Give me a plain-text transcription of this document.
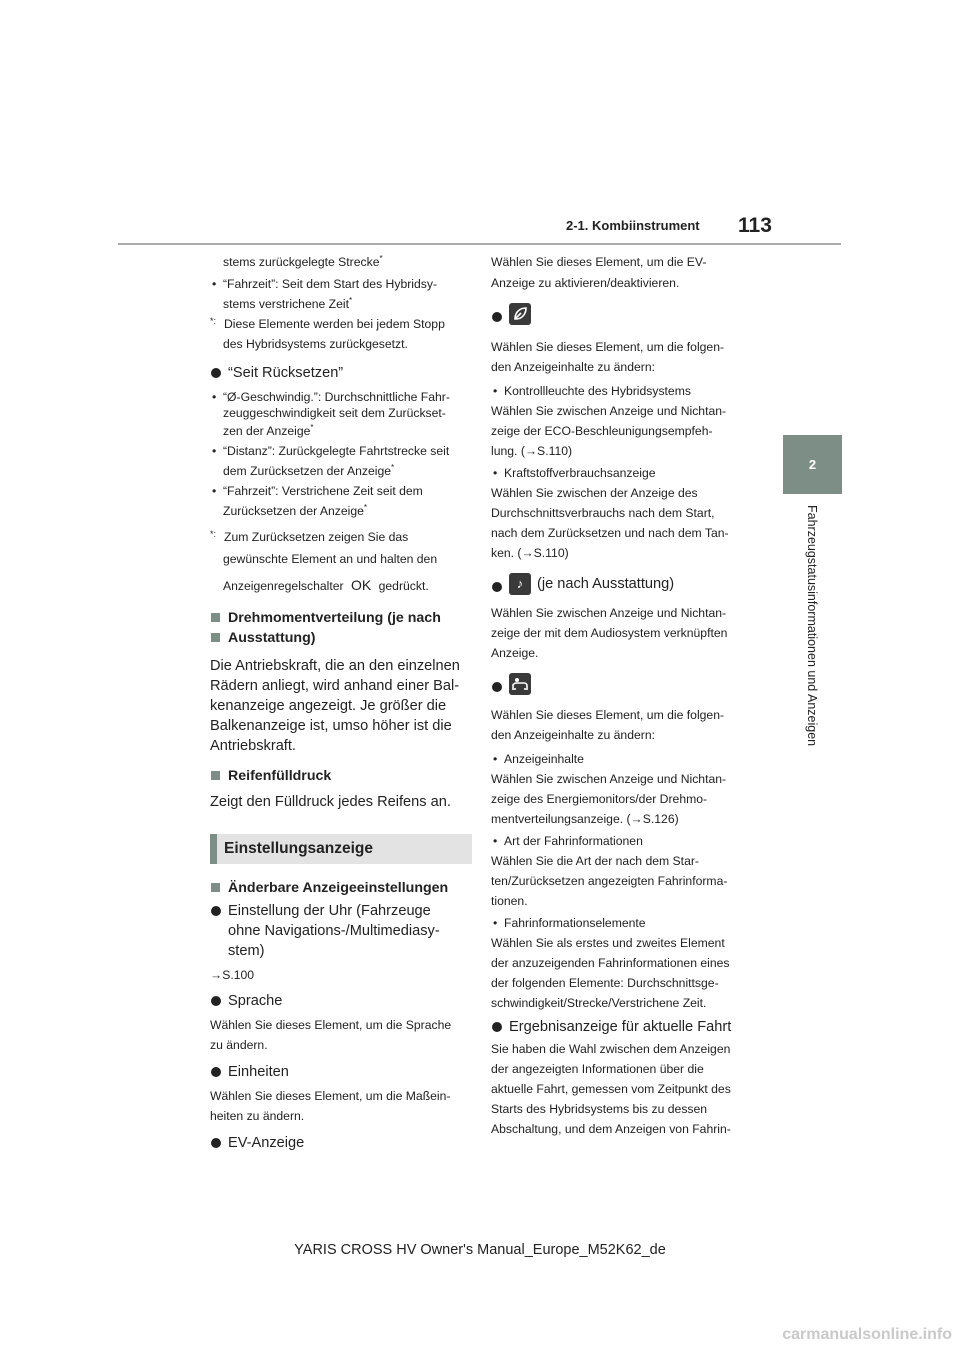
2-1. Kombiinstrument 113
2
Fahrzeugstatusinformationen und Anzeigen

stems zurückgelegte Strecke*

• “Fahrzeit”: Seit dem Start des Hybridsy-

stems verstrichene Zeit*

*: Diese Elemente werden bei jedem Stopp

des Hybridsystems zurückgesetzt.

“Seit Rücksetzen”

• “Ø-Geschwindig.”: Durchschnittliche Fahr-

zeuggeschwindigkeit seit dem Zurückset-

zen der Anzeige*

• “Distanz”: Zurückgelegte Fahrtstrecke seit

dem Zurücksetzen der Anzeige*

• “Fahrzeit”: Verstrichene Zeit seit dem

Zurücksetzen der Anzeige*

*: Zum Zurücksetzen zeigen Sie das

gewünschte Element an und halten den

Anzeigenregelschalter OK gedrückt.

Drehmomentverteilung (je nach

Ausstattung)

Die Antriebskraft, die an den einzelnen

Rädern anliegt, wird anhand einer Bal-

kenanzeige angezeigt. Je größer die

Balkenanzeige ist, umso höher ist die

Antriebskraft.

Reifenfülldruck

Zeigt den Fülldruck jedes Reifens an.

Einstellungsanzeige

Änderbare Anzeigeeinstellungen

Einstellung der Uhr (Fahrzeuge

ohne Navigations-/Multimediasy-

stem)

→S.100

Sprache

Wählen Sie dieses Element, um die Sprache

zu ändern.

Einheiten

Wählen Sie dieses Element, um die Maßein-

heiten zu ändern.

EV-Anzeige

Wählen Sie dieses Element, um die EV-

Anzeige zu aktivieren/deaktivieren.

Wählen Sie dieses Element, um die folgen-

den Anzeigeinhalte zu ändern:

• Kontrollleuchte des Hybridsystems

Wählen Sie zwischen Anzeige und Nichtan-

zeige der ECO-Beschleunigungsempfeh-

lung. (→S.110)

• Kraftstoffverbrauchsanzeige

Wählen Sie zwischen der Anzeige des

Durchschnittsverbrauchs nach dem Start,

nach dem Zurücksetzen und nach dem Tan-

ken. (→S.110)

♪ (je nach Ausstattung)

Wählen Sie zwischen Anzeige und Nichtan-

zeige der mit dem Audiosystem verknüpften

Anzeige.

Wählen Sie dieses Element, um die folgen-

den Anzeigeinhalte zu ändern:

• Anzeigeinhalte

Wählen Sie zwischen Anzeige und Nichtan-

zeige des Energiemonitors/der Drehmo-

mentverteilungsanzeige. (→S.126)

• Art der Fahrinformationen

Wählen Sie die Art der nach dem Star-

ten/Zurücksetzen angezeigten Fahrinforma-

tionen.

• Fahrinformationselemente

Wählen Sie als erstes und zweites Element

der anzuzeigenden Fahrinformationen eines

der folgenden Elemente: Durchschnittsge-

schwindigkeit/Strecke/Verstrichene Zeit.

Ergebnisanzeige für aktuelle Fahrt

Sie haben die Wahl zwischen dem Anzeigen

der angezeigten Informationen über die

aktuelle Fahrt, gemessen vom Zeitpunkt des

Starts des Hybridsystems bis zu dessen

Abschaltung, und dem Anzeigen von Fahrin-

YARIS CROSS HV Owner's Manual_Europe_M52K62_de
carmanualsonline.info
